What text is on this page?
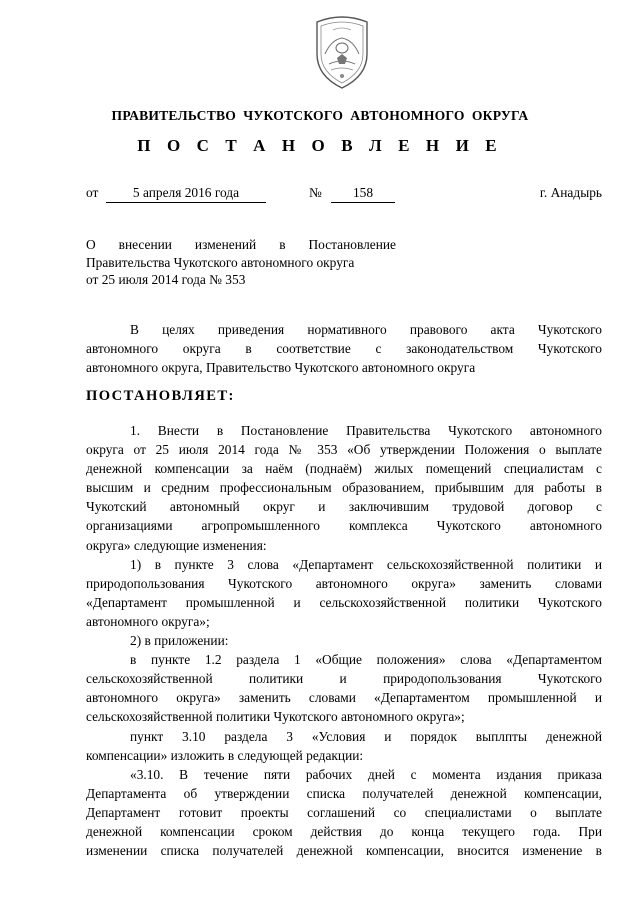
ПРАВИТЕЛЬСТВО  ЧУКОТСКОГО  АВТОНОМНОГО  ОКРУГА
П О С Т А Н О В Л Е Н И Е
от	5 апреля 2016 года	№	158	г. Анадырь
О внесении изменений в Постановление
Правительства Чукотского автономного округа
от 25 июля 2014 года № 353
В целях приведения нормативного правового акта Чукотского
автономного округа в соответствие с законодательством Чукотского
автономного округа, Правительство Чукотского автономного округа
ПОСТАНОВЛЯЕТ:
1. Внести в Постановление Правительства Чукотского автономного
округа от 25 июля 2014 года № 353 «Об утверждении Положения о выплате
денежной компенсации за наём (поднаём) жилых помещений специалистам с
высшим и средним профессиональным образованием, прибывшим для работы в
Чукотский автономный округ и заключившим трудовой договор с
организациями агропромышленного комплекса Чукотского автономного
округа» следующие изменения:
1) в пункте 3 слова «Департамент сельскохозяйственной политики и
природопользования Чукотского автономного округа» заменить словами
«Департамент промышленной и сельскохозяйственной политики Чукотского
автономного округа»;
2) в приложении:
в пункте 1.2 раздела 1 «Общие положения» слова «Департаментом
сельскохозяйственной политики и природопользования Чукотского
автономного округа» заменить словами «Департаментом промышленной и
сельскохозяйственной политики Чукотского автономного округа»;
пункт 3.10 раздела 3 «Условия и порядок выплпты денежной
компенсации» изложить в следующей редакции:
«3.10. В течение пяти рабочих дней с момента издания приказа
Департамента об утверждении списка получателей денежной компенсации,
Департамент готовит проекты соглашений со специалистами о выплате
денежной компенсации сроком действия до конца текущего года. При
изменении списка получателей денежной компенсации, вносится изменение в
